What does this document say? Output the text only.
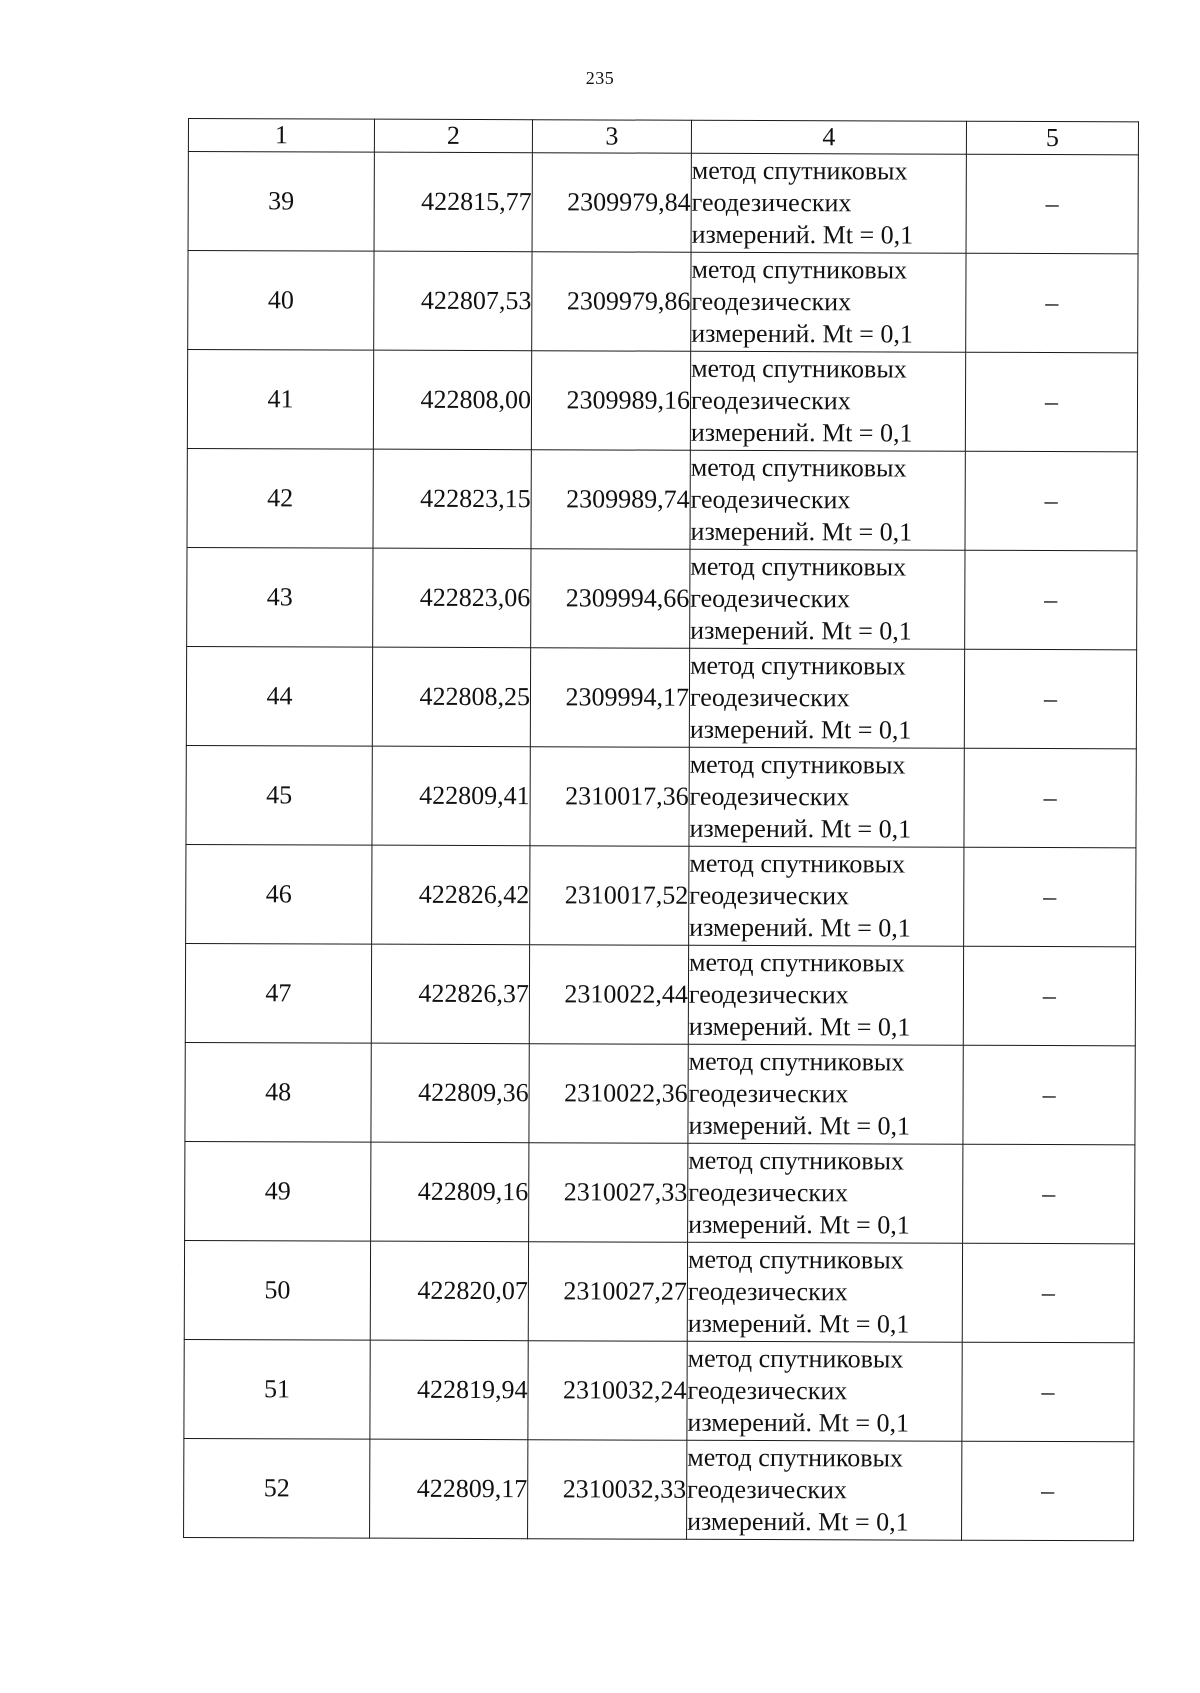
235
1	2	3	4	5
39	422815,77	2309979,84	метод спутниковых
геодезических
измерений. Mt = 0,1	–
40	422807,53	2309979,86	метод спутниковых
геодезических
измерений. Mt = 0,1	–
41	422808,00	2309989,16	метод спутниковых
геодезических
измерений. Mt = 0,1	–
42	422823,15	2309989,74	метод спутниковых
геодезических
измерений. Mt = 0,1	–
43	422823,06	2309994,66	метод спутниковых
геодезических
измерений. Mt = 0,1	–
44	422808,25	2309994,17	метод спутниковых
геодезических
измерений. Mt = 0,1	–
45	422809,41	2310017,36	метод спутниковых
геодезических
измерений. Mt = 0,1	–
46	422826,42	2310017,52	метод спутниковых
геодезических
измерений. Mt = 0,1	–
47	422826,37	2310022,44	метод спутниковых
геодезических
измерений. Mt = 0,1	–
48	422809,36	2310022,36	метод спутниковых
геодезических
измерений. Mt = 0,1	–
49	422809,16	2310027,33	метод спутниковых
геодезических
измерений. Mt = 0,1	–
50	422820,07	2310027,27	метод спутниковых
геодезических
измерений. Mt = 0,1	–
51	422819,94	2310032,24	метод спутниковых
геодезических
измерений. Mt = 0,1	–
52	422809,17	2310032,33	метод спутниковых
геодезических
измерений. Mt = 0,1	–
